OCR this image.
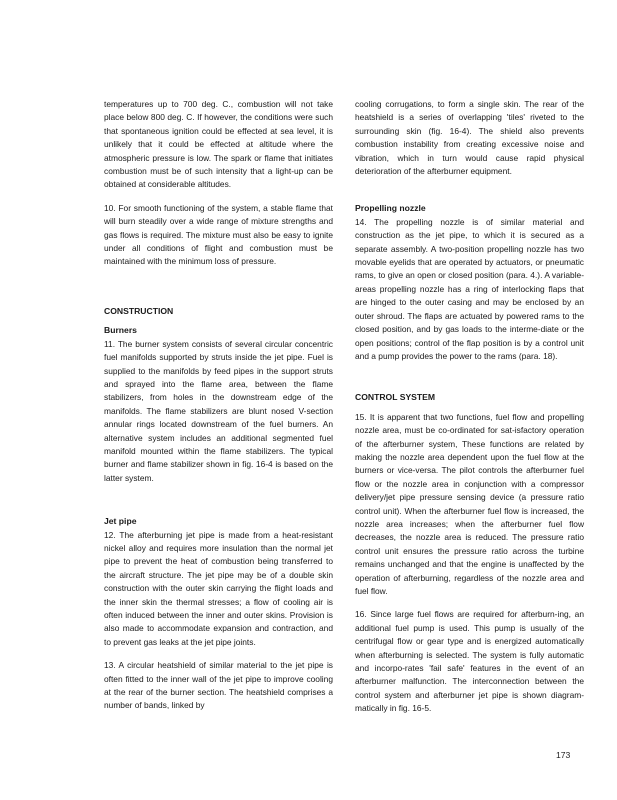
temperatures up to 700 deg. C., combustion will not take place below 800 deg. C. If however, the conditions were such that spontaneous ignition could be effected at sea level, it is unlikely that it could be effected at altitude where the atmospheric pressure is low. The spark or flame that initiates combustion must be of such intensity that a light-up can be obtained at considerable altitudes.

10. For smooth functioning of the system, a stable flame that will burn steadily over a wide range of mixture strengths and gas flows is required. The mixture must also be easy to ignite under all conditions of flight and combustion must be maintained with the minimum loss of pressure.

CONSTRUCTION
Burners

11. The burner system consists of several circular concentric fuel manifolds supported by struts inside the jet pipe. Fuel is supplied to the manifolds by feed pipes in the support struts and sprayed into the flame area, between the flame stabilizers, from holes in the downstream edge of the manifolds. The flame stabilizers are blunt nosed V-section annular rings located downstream of the fuel burners. An alternative system includes an additional segmented fuel manifold mounted within the flame stabilizers. The typical burner and flame stabilizer shown in fig. 16-4 is based on the latter system.

Jet pipe

12. The afterburning jet pipe is made from a heat-resistant nickel alloy and requires more insulation than the normal jet pipe to prevent the heat of combustion being transferred to the aircraft structure. The jet pipe may be of a double skin construction with the outer skin carrying the flight loads and the inner skin the thermal stresses; a flow of cooling air is often induced between the inner and outer skins. Provision is also made to accommodate expansion and contraction, and to prevent gas leaks at the jet pipe joints.

13. A circular heatshield of similar material to the jet pipe is often fitted to the inner wall of the jet pipe to improve cooling at the rear of the burner section. The heatshield comprises a number of bands, linked by

cooling corrugations, to form a single skin. The rear of the heatshield is a series of overlapping 'tiles' riveted to the surrounding skin (fig. 16-4). The shield also prevents combustion instability from creating excessive noise and vibration, which in turn would cause rapid physical deterioration of the afterburner equipment.

Propelling nozzle

14. The propelling nozzle is of similar material and construction as the jet pipe, to which it is secured as a separate assembly. A two-position propelling nozzle has two movable eyelids that are operated by actuators, or pneumatic rams, to give an open or closed position (para. 4.). A variable-areas propelling nozzle has a ring of interlocking flaps that are hinged to the outer casing and may be enclosed by an outer shroud. The flaps are actuated by powered rams to the closed position, and by gas loads to the interme-diate or the open positions; control of the flap position is by a control unit and a pump provides the power to the rams (para. 18).

CONTROL SYSTEM

15. It is apparent that two functions, fuel flow and propelling nozzle area, must be co-ordinated for sat-isfactory operation of the afterburner system, These functions are related by making the nozzle area dependent upon the fuel flow at the burners or vice-versa. The pilot controls the afterburner fuel flow or the nozzle area in conjunction with a compressor delivery/jet pipe pressure sensing device (a pressure ratio control unit). When the afterburner fuel flow is increased, the nozzle area increases; when the afterburner fuel flow decreases, the nozzle area is reduced. The pressure ratio control unit ensures the pressure ratio across the turbine remains unchanged and that the engine is unaffected by the operation of afterburning, regardless of the nozzle area and fuel flow.

16. Since large fuel flows are required for afterburn-ing, an additional fuel pump is used. This pump is usually of the centrifugal flow or gear type and is energized automatically when afterburning is selected. The system is fully automatic and incorpo-rates 'fail safe' features in the event of an afterburner malfunction. The interconnection between the control system and afterburner jet pipe is shown diagram-matically in fig. 16-5.

173
